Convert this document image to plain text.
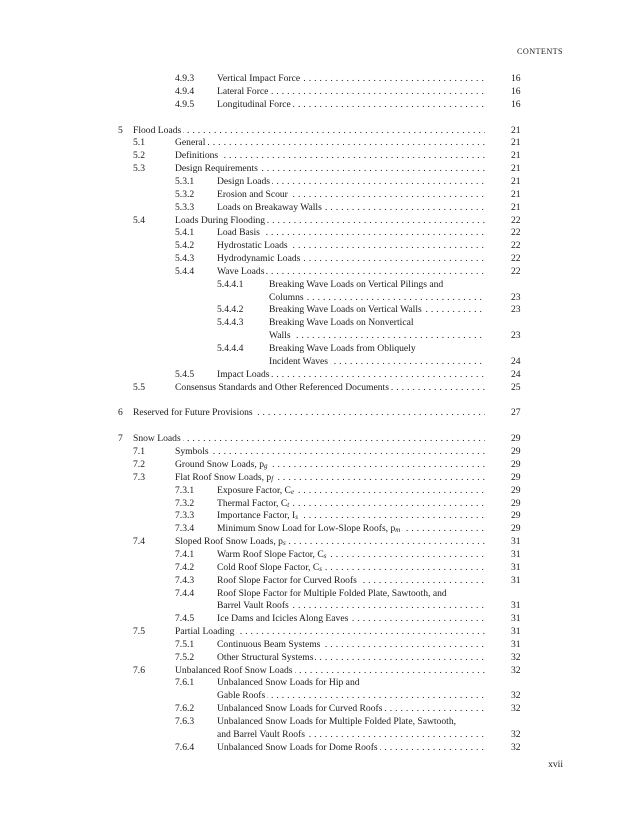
CONTENTS
4.9.3 Vertical Impact Force . . .	16
4.9.4 Lateral Force . . .	16
4.9.5 Longitudinal Force . . .	16
5 Flood Loads . . .	21
5.1	General . . .	21
5.2	Definitions . . .	21
5.3	Design Requirements . . .	21
5.3.1 Design Loads . . .	21
5.3.2 Erosion and Scour . . .	21
5.3.3 Loads on Breakaway Walls . . .	21
5.4	Loads During Flooding . . .	22
5.4.1 Load Basis . . .	22
5.4.2 Hydrostatic Loads . . .	22
5.4.3 Hydrodynamic Loads . . .	22
5.4.4 Wave Loads . . .	22
5.4.4.1	Breaking Wave Loads on Vertical Pilings and
Columns . . .	23
5.4.4.2	Breaking Wave Loads on Vertical Walls . . .	23
5.4.4.3	Breaking Wave Loads on Nonvertical
Walls . . .	23
5.4.4.4	Breaking Wave Loads from Obliquely
Incident Waves . . .	24
5.4.5 Impact Loads . . .	24
5.5	Consensus Standards and Other Referenced Documents . . .	25
6 Reserved for Future Provisions . . .	27
7 Snow Loads . . .	29
7.1	Symbols . . .	29
7.2	Ground Snow Loads, $p_g$ . . .	29
7.3	Flat Roof Snow Loads, $p_f$ . . .	29
7.3.1 Exposure Factor, $C_e$ . . .	29
7.3.2 Thermal Factor, $C_t$ . . .	29
7.3.3 Importance Factor, $I_s$ . . .	29
7.3.4 Minimum Snow Load for Low-Slope Roofs, $p_m$ . . .	29
7.4	Sloped Roof Snow Loads, $p_s$ . . .	31
7.4.1 Warm Roof Slope Factor, $C_s$ . . .	31
7.4.2 Cold Roof Slope Factor, $C_s$ . . .	31
7.4.3 Roof Slope Factor for Curved Roofs . . .	31
7.4.4 Roof Slope Factor for Multiple Folded Plate, Sawtooth, and
Barrel Vault Roofs . . .	31
7.4.5 Ice Dams and Icicles Along Eaves . . .	31
7.5	Partial Loading . . .	31
7.5.1 Continuous Beam Systems . . .	31
7.5.2 Other Structural Systems . . .	32
7.6	Unbalanced Roof Snow Loads . . .	32
7.6.1 Unbalanced Snow Loads for Hip and
Gable Roofs . . .	32
7.6.2 Unbalanced Snow Loads for Curved Roofs . . .	32
7.6.3 Unbalanced Snow Loads for Multiple Folded Plate, Sawtooth,
and Barrel Vault Roofs . . .	32
7.6.4 Unbalanced Snow Loads for Dome Roofs . . .	32
xvii
